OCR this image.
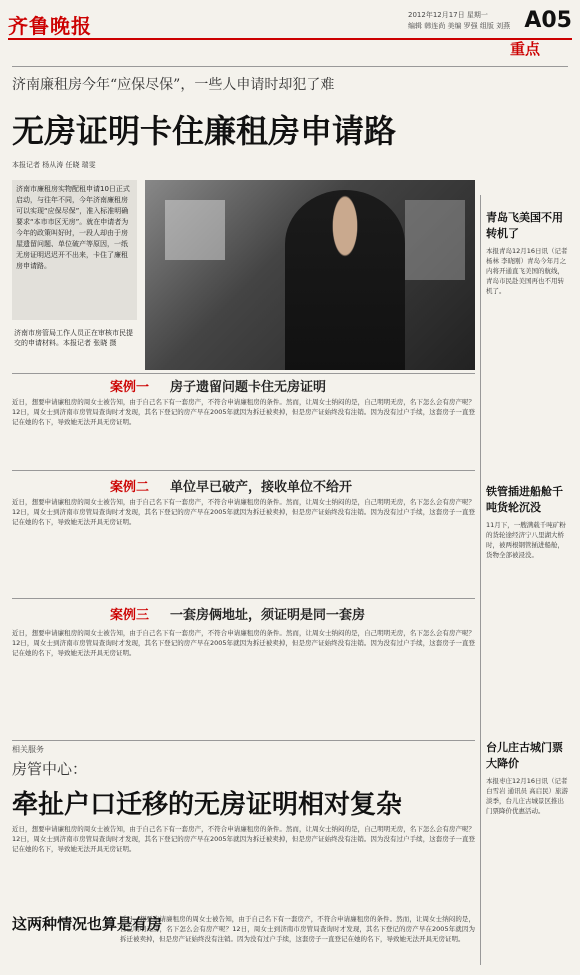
齐鲁晚报	2012年12月17日 星期一
编辑 韩连尚 美编 罗强 组版 刘燕 A05
重点
济南廉租房今年“应保尽保”，一些人申请时却犯了难
无房证明卡住廉租房申请路
本报记者 杨从涛 任晓 瑞雯
济南市廉租房实物配租申请10日正式启动，与往年不同，今年济南廉租房可以实现“应保尽保”，准入标准明确要求“本市市区无房”。就在申请者为今年的政策叫好时，一段人却由于房屋遗留问题、单位破产等原因，一纸无房证明迟迟开不出来，卡住了廉租房申请路。
济南市房管局工作人员正在审核市民提交的申请材料。本报记者 张晓 摄
案例一 房子遗留问题卡住无房证明
近日，想要申请廉租房的周女士被告知，由于自己名下有一套房产，不符合申请廉租房的条件。然而，让周女士纳闷的是，自己明明无房，名下怎么会有房产呢？12日，周女士到济南市房管局查询时才发现，其名下登记的房产早在2005年就因为拆迁被卖掉，但是房产证始终没有注销。因为没有过户手续，这套房子一直登记在她的名下，导致她无法开具无房证明。
案例二 单位早已破产，接收单位不给开
近日，想要申请廉租房的周女士被告知，由于自己名下有一套房产，不符合申请廉租房的条件。然而，让周女士纳闷的是，自己明明无房，名下怎么会有房产呢？12日，周女士到济南市房管局查询时才发现，其名下登记的房产早在2005年就因为拆迁被卖掉，但是房产证始终没有注销。因为没有过户手续，这套房子一直登记在她的名下，导致她无法开具无房证明。
案例三 一套房俩地址，须证明是同一套房
近日，想要申请廉租房的周女士被告知，由于自己名下有一套房产，不符合申请廉租房的条件。然而，让周女士纳闷的是，自己明明无房，名下怎么会有房产呢？12日，周女士到济南市房管局查询时才发现，其名下登记的房产早在2005年就因为拆迁被卖掉，但是房产证始终没有注销。因为没有过户手续，这套房子一直登记在她的名下，导致她无法开具无房证明。
青岛飞美国不用转机了
本报青岛12月16日讯（记者 杨林 李晓刚）青岛今年月之内将开通直飞美国的航线，青岛市民赴美国再也不用转机了。
铁管插进船舱千吨货轮沉没
11月下，一艘满载千吨矿粉的货轮途经济宁八里湖大桥时，被两根钢管插进船舱，货物全部被浸没。
台儿庄古城门票大降价
本报枣庄12月16日讯（记者 白雪岩 通讯员 高启民）旅游淡季，台儿庄古城景区推出门票降价优惠活动。
相关服务
房管中心：
牵扯户口迁移的无房证明相对复杂
近日，想要申请廉租房的周女士被告知，由于自己名下有一套房产，不符合申请廉租房的条件。然而，让周女士纳闷的是，自己明明无房，名下怎么会有房产呢？12日，周女士到济南市房管局查询时才发现，其名下登记的房产早在2005年就因为拆迁被卖掉，但是房产证始终没有注销。因为没有过户手续，这套房子一直登记在她的名下，导致她无法开具无房证明。
这两种情况也算是有房
近日，想要申请廉租房的周女士被告知，由于自己名下有一套房产，不符合申请廉租房的条件。然而，让周女士纳闷的是，自己明明无房，名下怎么会有房产呢？12日，周女士到济南市房管局查询时才发现，其名下登记的房产早在2005年就因为拆迁被卖掉，但是房产证始终没有注销。因为没有过户手续，这套房子一直登记在她的名下，导致她无法开具无房证明。
